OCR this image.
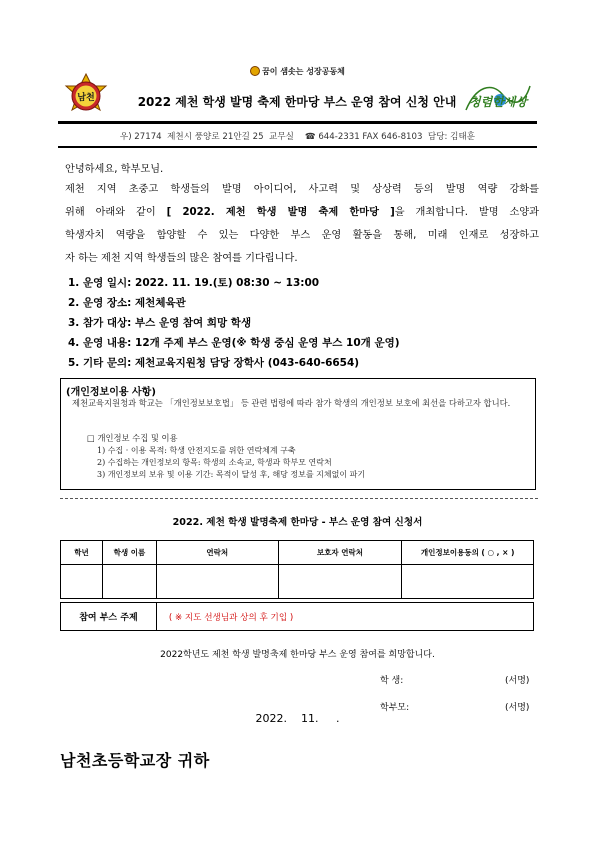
꿈이 샘솟는 성장공동체
남천	2022 제천 학생 발명 축제 한마당 부스 운영 참여 신청 안내	청렴한세상
우) 27174  제천시 풍양로 21안길 25  교무실    ☎ 644-2331 FAX 646-8103  담당: 김태훈
안녕하세요, 학부모님.
제천 지역 초중고 학생들의 발명 아이디어, 사고력 및 상상력 등의 발명 역량 강화를
위해 아래와 같이 [ 2022. 제천 학생 발명 축제 한마당 ]을 개최합니다. 발명 소양과
학생자치 역량을 함양할 수 있는 다양한 부스 운영 활동을 통해, 미래 인재로 성장하고
자 하는 제천 지역 학생들의 많은 참여를 기다립니다.
1. 운영 일시: 2022. 11. 19.(토) 08:30 ~ 13:00
2. 운영 장소: 제천체육관
3. 참가 대상: 부스 운영 참여 희망 학생
4. 운영 내용: 12개 주제 부스 운영(※ 학생 중심 운영 부스 10개 운영)
5. 기타 문의: 제천교육지원청 담당 장학사 (043-640-6654)
(개인정보이용 사항)
제천교육지원청과 학교는 「개인정보보호법」 등 관련 법령에 따라 참가 학생의 개인정보 보호에 최선을 다하고자 합니다.
□ 개인정보 수집 및 이용
1) 수집 · 이용 목적: 학생 안전지도를 위한 연락체계 구축
2) 수집하는 개인정보의 항목: 학생의 소속교, 학생과 학부모 연락처
3) 개인정보의 보유 및 이용 기간: 목적이 달성 후, 해당 정보를 지체없이 파기
2022. 제천 학생 발명축제 한마당 - 부스 운영 참여 신청서
학년	학생 이름	연락처	보호자 연락처	개인정보이용동의 ( ○ , × )

참여 부스 주제		( ※ 지도 선생님과 상의 후 기입 )		
2022학년도 제천 학생 발명축제 한마당 부스 운영 참여를 희망합니다.
학 생:	(서명)
학부모:	(서명)
2022.    11.     .
남천초등학교장 귀하
